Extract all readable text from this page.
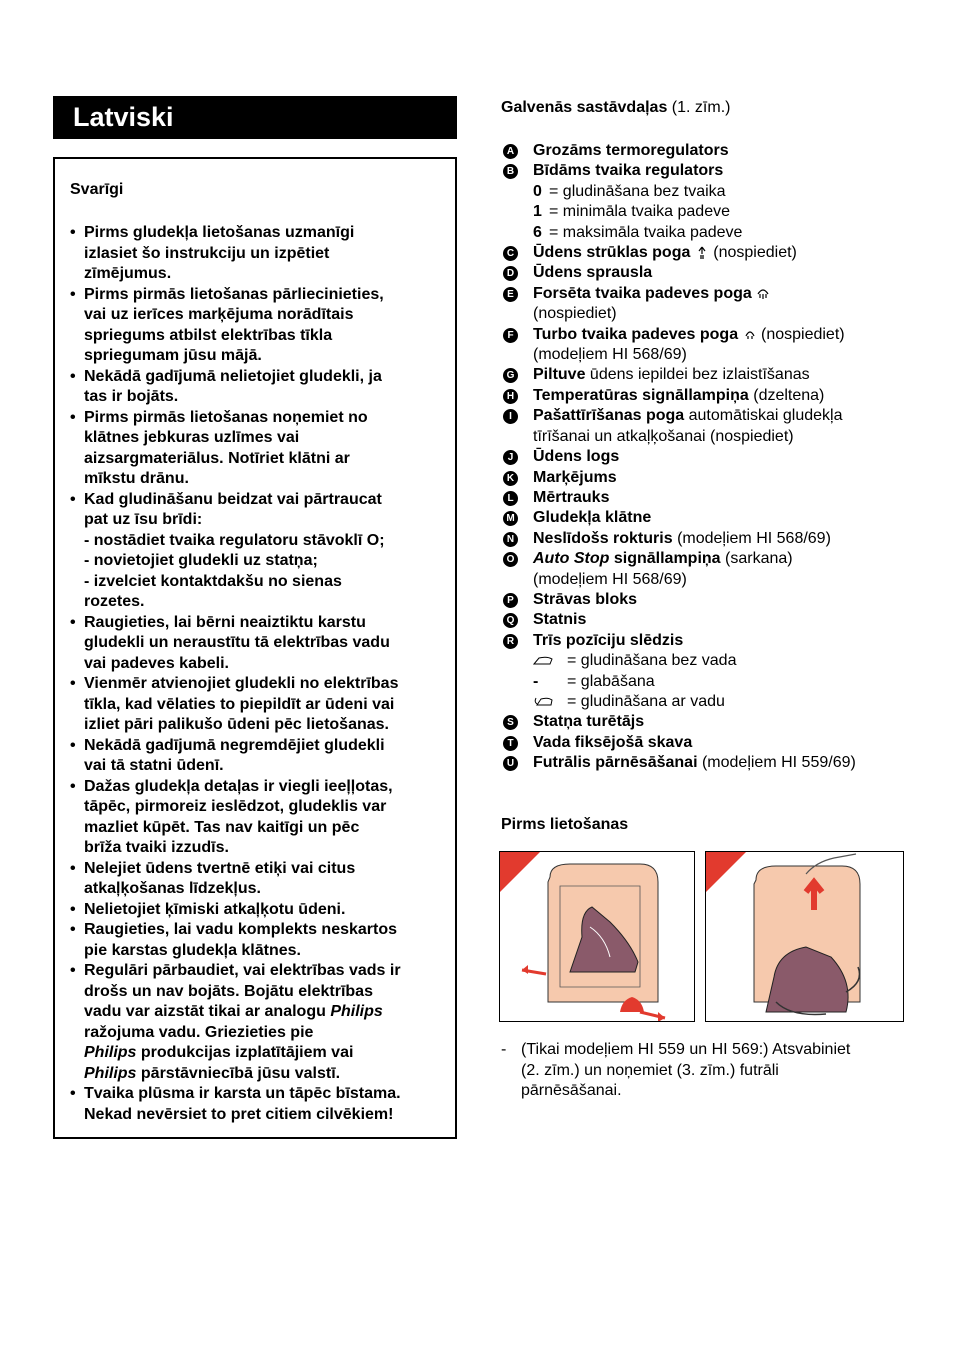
Latviski
Svarīgi
• Pirms gludekļa lietošanas uzmanīgi
izlasiet šo instrukciju un izpētiet
zīmējumus.
• Pirms pirmās lietošanas pārliecinieties,
vai uz ierīces marķējuma norādītais
spriegums atbilst elektrības tīkla
spriegumam jūsu mājā.
• Nekādā gadījumā nelietojiet gludekli, ja
tas ir bojāts.
• Pirms pirmās lietošanas noņemiet no
klātnes jebkuras uzlīmes vai
aizsargmateriālus. Notīriet klātni ar
mīkstu drānu.
• Kad gludināšanu beidzat vai pārtraucat
pat uz īsu brīdi:
- nostādiet tvaika regulatoru stāvoklī O;
- novietojiet gludekli uz statņa;
- izvelciet kontaktdakšu no sienas
rozetes.
• Raugieties, lai bērni neaiztiktu karstu
gludekli un neraustītu tā elektrības vadu
vai padeves kabeli.
• Vienmēr atvienojiet gludekli no elektrības
tīkla, kad vēlaties to piepildīt ar ūdeni vai
izliet pāri palikušo ūdeni pēc lietošanas.
• Nekādā gadījumā negremdējiet gludekli
vai tā statni ūdenī.
• Dažas gludekļa detaļas ir viegli ieeļļotas,
tāpēc, pirmoreiz ieslēdzot, gludeklis var
mazliet kūpēt. Tas nav kaitīgi un pēc
brīža tvaiki izzudīs.
• Nelejiet ūdens tvertnē etiķi vai citus
atkaļķošanas līdzekļus.
• Nelietojiet ķīmiski atkaļķotu ūdeni.
• Raugieties, lai vadu komplekts neskartos
pie karstas gludekļa klātnes.
• Regulāri pārbaudiet, vai elektrības vads ir
drošs un nav bojāts. Bojātu elektrības
vadu var aizstāt tikai ar analogu Philips
ražojuma vadu. Griezieties pie
Philips produkcijas izplatītājiem vai
Philips pārstāvniecībā jūsu valstī.
• Tvaika plūsma ir karsta un tāpēc bīstama.
Nekad nevērsiet to pret citiem cilvēkiem!
Galvenās sastāvdaļas (1. zīm.)
A Grozāms termoregulators
B Bīdāms tvaika regulators
0 = gludināšana bez tvaika
1 = minimāla tvaika padeve
6 = maksimāla tvaika padeve
C Ūdens strūklas poga (nospiediet)
D Ūdens sprausla
E Forsēta tvaika padeves poga
(nospiediet)
F Turbo tvaika padeves poga (nospiediet)
(modeļiem HI 568/69)
G Piltuve ūdens iepildei bez izlaistīšanas
H Temperatūras signāllampiņa (dzeltena)
I	Pašattīrīšanas poga automātiskai gludekļa
tīrīšanai un atkaļķošanai (nospiediet)
J Ūdens logs
K Marķējums
L Mērtrauks
M Gludekļa klātne
N Neslīdošs rokturis (modeļiem HI 568/69)
O Auto Stop signāllampiņa (sarkana)
(modeļiem HI 568/69)
P Strāvas bloks
Q Statnis
R Trīs pozīciju slēdzis
= gludināšana bez vada
- = glabāšana
= gludināšana ar vadu
S Statņa turētājs
T Vada fiksējošā skava
U Futrālis pārnēsāšanai (modeļiem HI 559/69)
Pirms lietošanas
- (Tikai modeļiem HI 559 un HI 569:) Atsvabiniet
(2. zīm.) un noņemiet (3. zīm.) futrāli
pārnēsāšanai.
